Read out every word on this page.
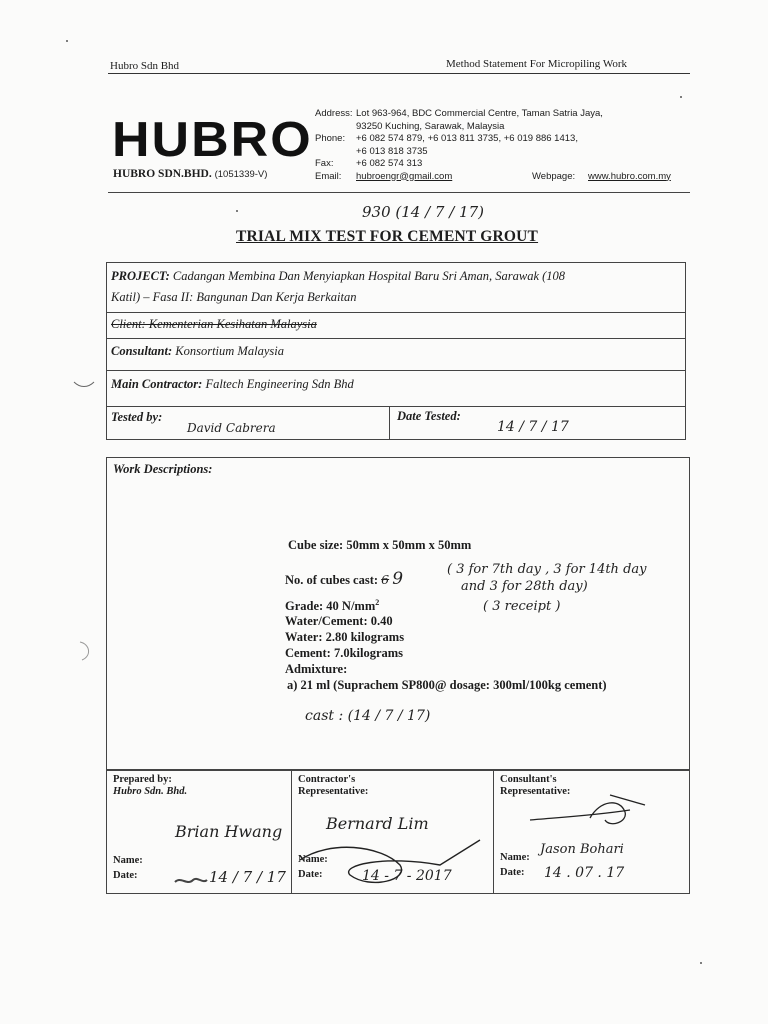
Hubro Sdn Bhd	Method Statement For Micropiling Work
HUBRO
HUBRO SDN.BHD. (1051339-V)
Address: Lot 963-964, BDC Commercial Centre, Taman Satria Jaya,
93250 Kuching, Sarawak, Malaysia
Phone:	+6 082 574 879, +6 013 811 3735, +6 019 886 1413,
+6 013 818 3735
Fax:	+6 082 574 313
Email:	hubroengr@gmail.com	Webpage:	www.hubro.com.my
930 (14 / 7 / 17)
TRIAL MIX TEST FOR CEMENT GROUT
PROJECT: Cadangan Membina Dan Menyiapkan Hospital Baru Sri Aman, Sarawak (108
Katil) – Fasa II: Bangunan Dan Kerja Berkaitan
Client: Kementerian Kesihatan Malaysia
Consultant: Konsortium Malaysia
Main Contractor: Faltech Engineering Sdn Bhd
Tested by:
David Cabrera
Date Tested:
14 / 7 / 17
Work Descriptions:
Cube size: 50mm x 50mm x 50mm
No. of cubes cast: 6 9	( 3 for 7th day , 3 for 14th day
and 3 for 28th day)
( 3 receipt )
Grade: 40 $N/mm^2$
Water/Cement: 0.40
Water: 2.80 kilograms
Cement: 7.0kilograms
Admixture:
a) 21 ml (Suprachem SP800@ dosage: 300ml/100kg cement)
cast : (14 / 7 / 17)
Prepared by:
Hubro Sdn. Bhd.
Brian Hwang
Name:
Date:	14 / 7 / 17
Contractor's
Representative:
Bernard Lim
Name:
Date:	14 - 7 - 2017
Consultant's
Representative:
Name:
Jason Bohari
Date: 14 . 07 . 17
